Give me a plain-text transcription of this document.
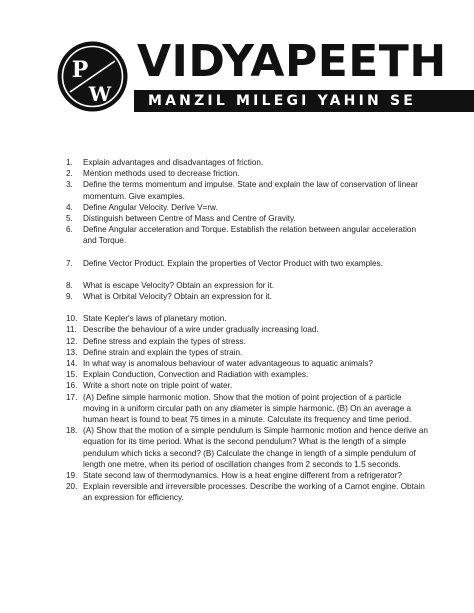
P
W
VIDYAPEETH
MANZIL MILEGI YAHIN SE
1. Explain advantages and disadvantages of friction.
2. Mention methods used to decrease friction.
3. Define the terms momentum and impulse. State and explain the law of conservation of linear momentum. Give examples.
4. Define Angular Velocity. Derive V=rw.
5. Distinguish between Centre of Mass and Centre of Gravity.
6. Define Angular acceleration and Torque. Establish the relation between angular acceleration and Torque.
7. Define Vector Product. Explain the properties of Vector Product with two examples.
8. What is escape Velocity? Obtain an expression for it.
9. What is Orbital Velocity? Obtain an expression for it.
10. State Kepler's laws of planetary motion.
11. Describe the behaviour of a wire under gradually increasing load.
12. Define stress and explain the types of stress.
13. Define strain and explain the types of strain.
14. In what way is anomalous behaviour of water advantageous to aquatic animals?
15. Explain Conduction, Convection and Radiation with examples.
16. Write a short note on triple point of water.
17. (A) Define simple harmonic motion. Show that the motion of point projection of a particle moving in a uniform circular path on any diameter is simple harmonic. (B) On an average a human heart is found to beat 75 times in a minute. Calculate its frequency and time period.
18. (A) Show that the motion of a simple pendulum is Simple harmonic motion and hence derive an equation for its time period. What is the second pendulum? What is the length of a simple pendulum which ticks a second? (B) Calculate the change in length of a simple pendulum of length one metre, when its period of oscillation changes from 2 seconds to 1.5 seconds.
19. State second law of thermodynamics. How is a heat engine different from a refrigerator?
20. Explain reversible and irreversible processes. Describe the working of a Carnot engine. Obtain an expression for efficiency.
